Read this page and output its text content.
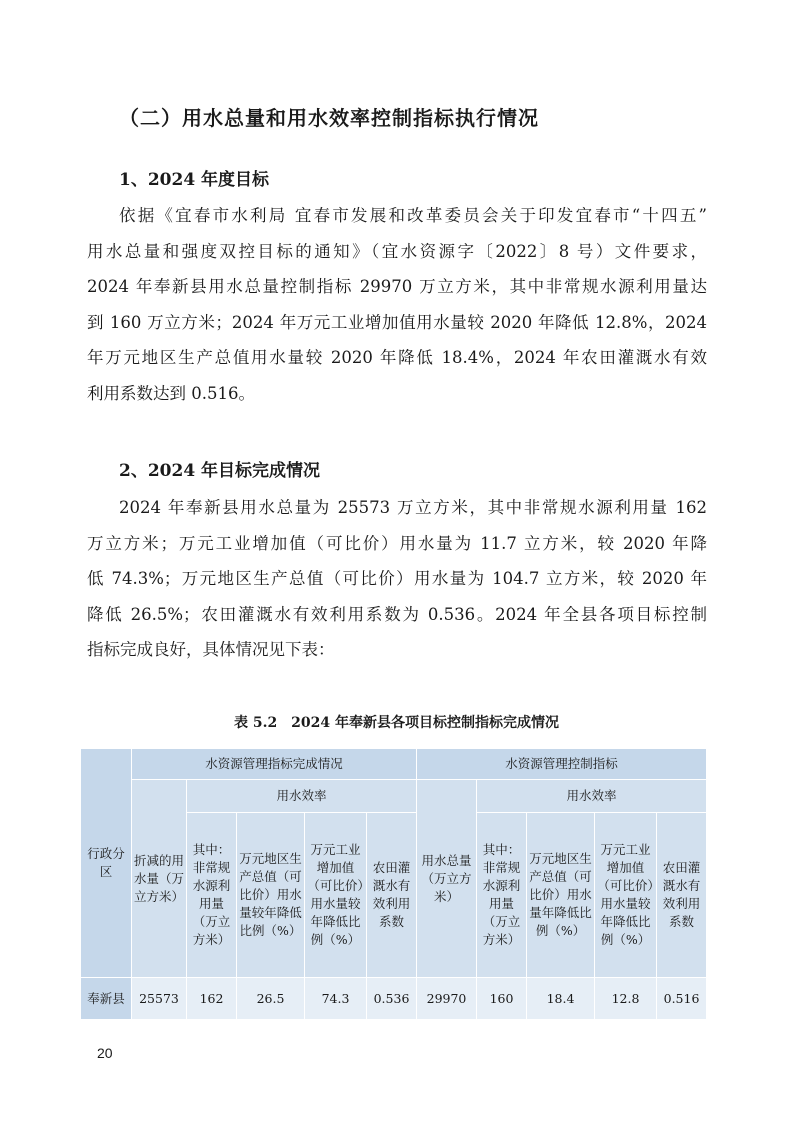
（二）用水总量和用水效率控制指标执行情况
1、2024 年度目标
依据《宜春市水利局 宜春市发展和改革委员会关于印发宜春市“十四五”
用水总量和强度双控目标的通知》（宜水资源字〔2022〕8 号）文件要求，
2024 年奉新县用水总量控制指标 29970 万立方米，其中非常规水源利用量达
到 160 万立方米；2024 年万元工业增加值用水量较 2020 年降低 12.8%，2024
年万元地区生产总值用水量较 2020 年降低 18.4%，2024 年农田灌溉水有效
利用系数达到 0.516。
2、2024 年目标完成情况
2024 年奉新县用水总量为 25573 万立方米，其中非常规水源利用量 162
万立方米；万元工业增加值（可比价）用水量为 11.7 立方米，较 2020 年降
低 74.3%；万元地区生产总值（可比价）用水量为 104.7 立方米，较 2020 年
降低 26.5%；农田灌溉水有效利用系数为 0.536。2024 年全县各项目标控制
指标完成良好，具体情况见下表：
表 5.2　2024 年奉新县各项目标控制指标完成情况
行政分区	水资源管理指标完成情况					水资源管理控制指标				
	折减的用水量（万立方米）	用水效率				用水总量（万立方米）	用水效率			
		其中：非常规水源利用量（万立方米）	万元地区生产总值（可比价）用水量较年降低比例（%）	万元工业增加值（可比价）用水量较年降低比例（%）	农田灌溉水有效利用系数		其中：非常规水源利用量（万立方米）	万元地区生产总值（可比价）用水量年降低比例（%）	万元工业增加值（可比价）用水量较年降低比例（%）	农田灌溉水有效利用系数
奉新县	25573	162	26.5	74.3	0.536	29970	160	18.4	12.8	0.516
20
